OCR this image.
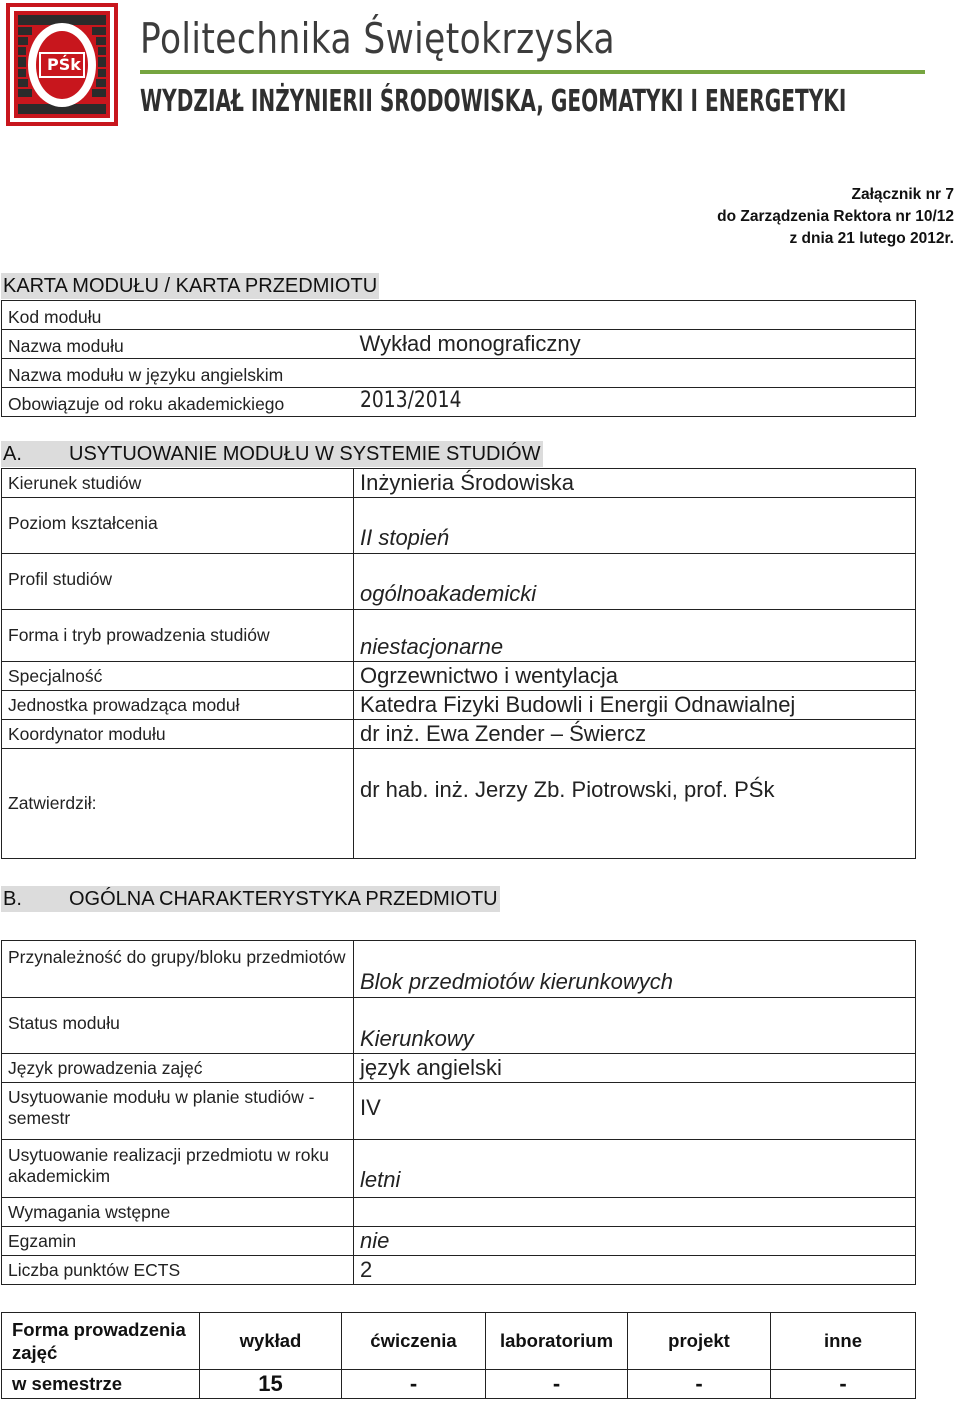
PŚk
Politechnika Świętokrzyska
WYDZIAŁ INŻYNIERII ŚRODOWISKA, GEOMATYKI I ENERGETYKI
Załącznik nr 7
do Zarządzenia Rektora nr 10/12
z dnia 21 lutego 2012r.
KARTA MODUŁU / KARTA PRZEDMIOTU
Kod modułu	

Nazwa modułu	Wykład monograficzny

Nazwa modułu w języku angielskim	

Obowiązuje od roku akademickiego	2013/2014
A. USYTUOWANIE MODUŁU W SYSTEMIE STUDIÓW
Kierunek studiów	Inżynieria Środowiska

Poziom kształcenia	II stopień

Profil studiów	ogólnoakademicki

Forma i tryb prowadzenia studiów	niestacjonarne

Specjalność	Ogrzewnictwo i wentylacja

Jednostka prowadząca moduł	Katedra Fizyki Budowli i Energii Odnawialnej

Koordynator modułu	dr inż. Ewa Zender – Świercz

Zatwierdził:	dr hab. inż. Jerzy Zb. Piotrowski, prof. PŚk
B. OGÓLNA CHARAKTERYSTYKA PRZEDMIOTU
Przynależność do grupy/bloku przedmiotów	Blok przedmiotów kierunkowych

Status modułu	Kierunkowy

Język prowadzenia zajęć	język angielski

Usytuowanie modułu w planie studiów - semestr	IV

Usytuowanie realizacji przedmiotu w roku akademickim	letni

Wymagania wstępne	

Egzamin	nie

Liczba punktów ECTS	2
Forma prowadzenia zajęć	wykład	ćwiczenia	laboratorium	projekt	inne
w semestrze	15	-	-	-	-
